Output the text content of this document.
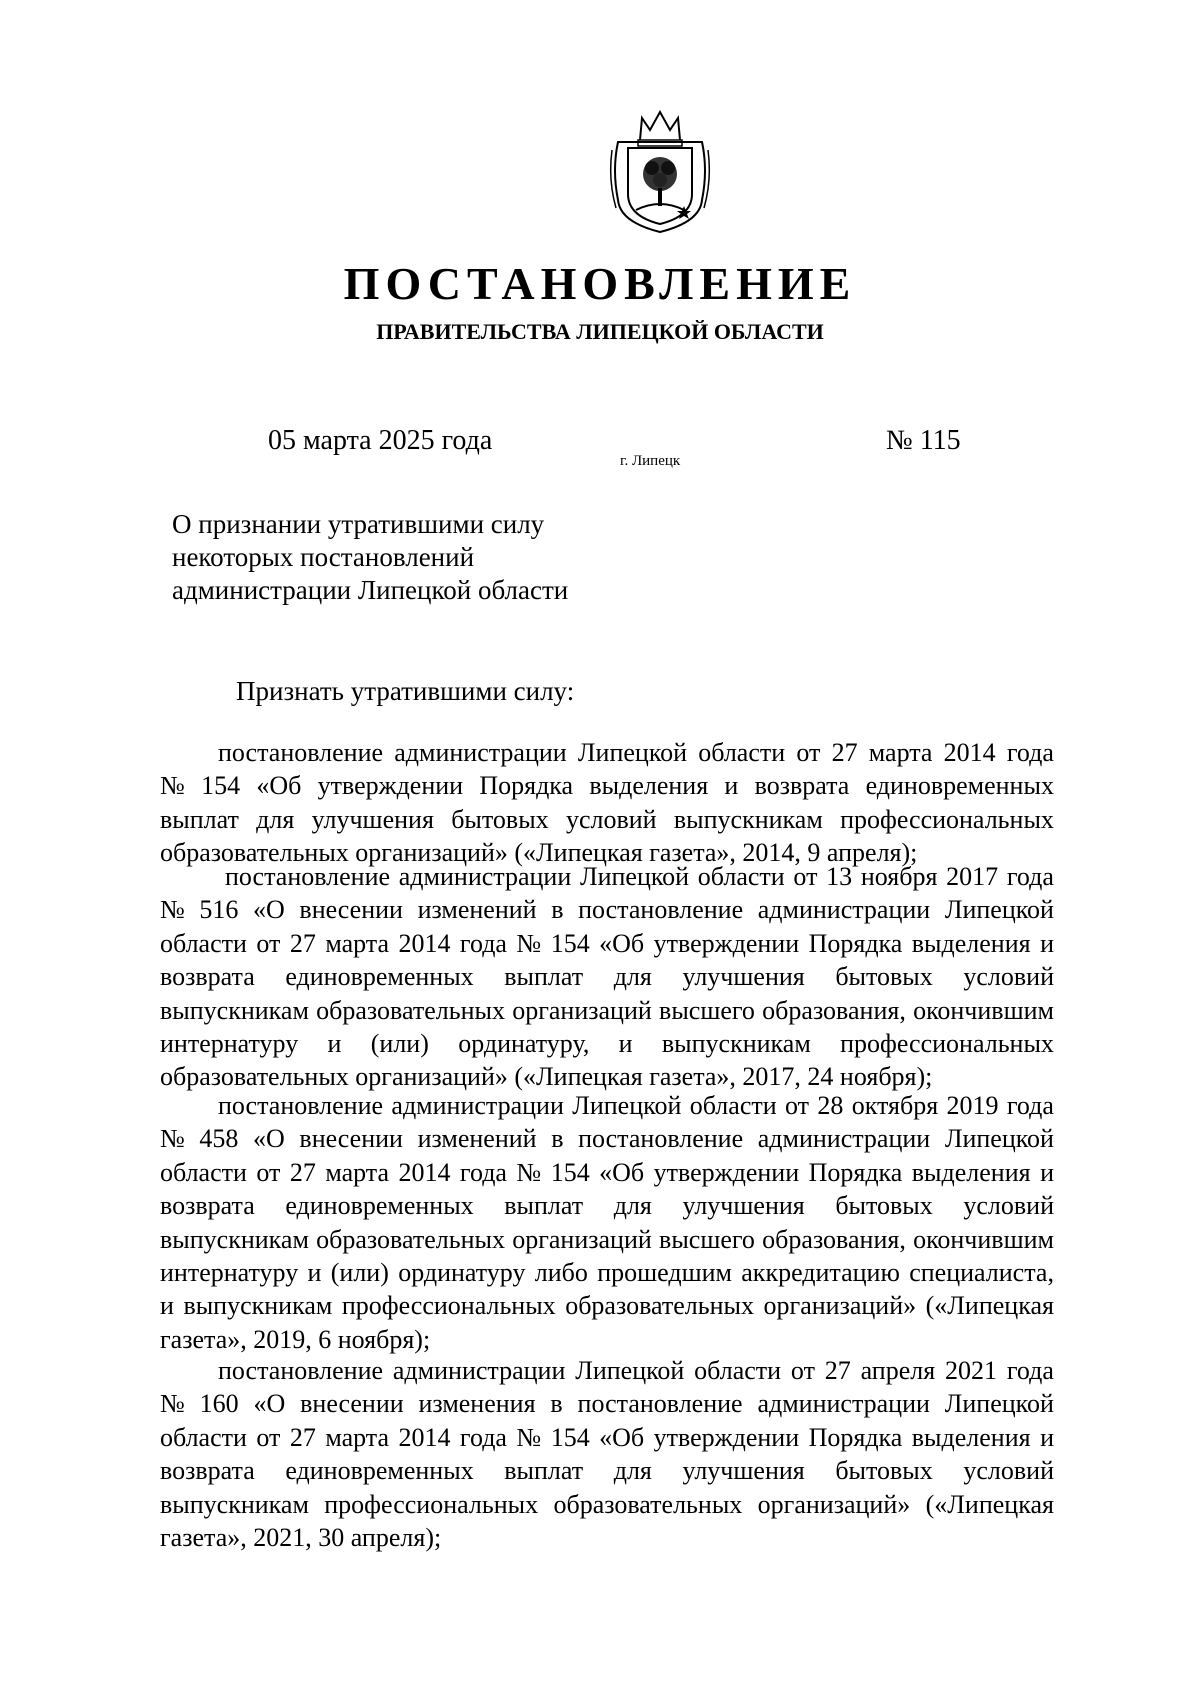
ПОСТАНОВЛЕНИЕ
ПРАВИТЕЛЬСТВА ЛИПЕЦКОЙ ОБЛАСТИ
05 марта 2025 года
г. Липецк
№ 115
О признании утратившими силу
некоторых постановлений
администрации Липецкой области
Признать утратившими силу:
постановление администрации Липецкой области от 27 марта 2014 года
№ 154 «Об утверждении Порядка выделения и возврата единовременных
выплат для улучшения бытовых условий выпускникам профессиональных
образовательных организаций» («Липецкая газета», 2014, 9 апреля);
постановление администрации Липецкой области от 13 ноября 2017 года
№ 516 «О внесении изменений в постановление администрации Липецкой
области от 27 марта 2014 года № 154 «Об утверждении Порядка выделения и
возврата единовременных выплат для улучшения бытовых условий
выпускникам образовательных организаций высшего образования, окончившим
интернатуру и (или) ординатуру, и выпускникам профессиональных
образовательных организаций» («Липецкая газета», 2017, 24 ноября);
постановление администрации Липецкой области от 28 октября 2019 года
№ 458 «О внесении изменений в постановление администрации Липецкой
области от 27 марта 2014 года № 154 «Об утверждении Порядка выделения и
возврата единовременных выплат для улучшения бытовых условий
выпускникам образовательных организаций высшего образования, окончившим
интернатуру и (или) ординатуру либо прошедшим аккредитацию специалиста,
и выпускникам профессиональных образовательных организаций» («Липецкая
газета», 2019, 6 ноября);
постановление администрации Липецкой области от 27 апреля 2021 года
№ 160 «О внесении изменения в постановление администрации Липецкой
области от 27 марта 2014 года № 154 «Об утверждении Порядка выделения и
возврата единовременных выплат для улучшения бытовых условий
выпускникам профессиональных образовательных организаций» («Липецкая
газета», 2021, 30 апреля);
